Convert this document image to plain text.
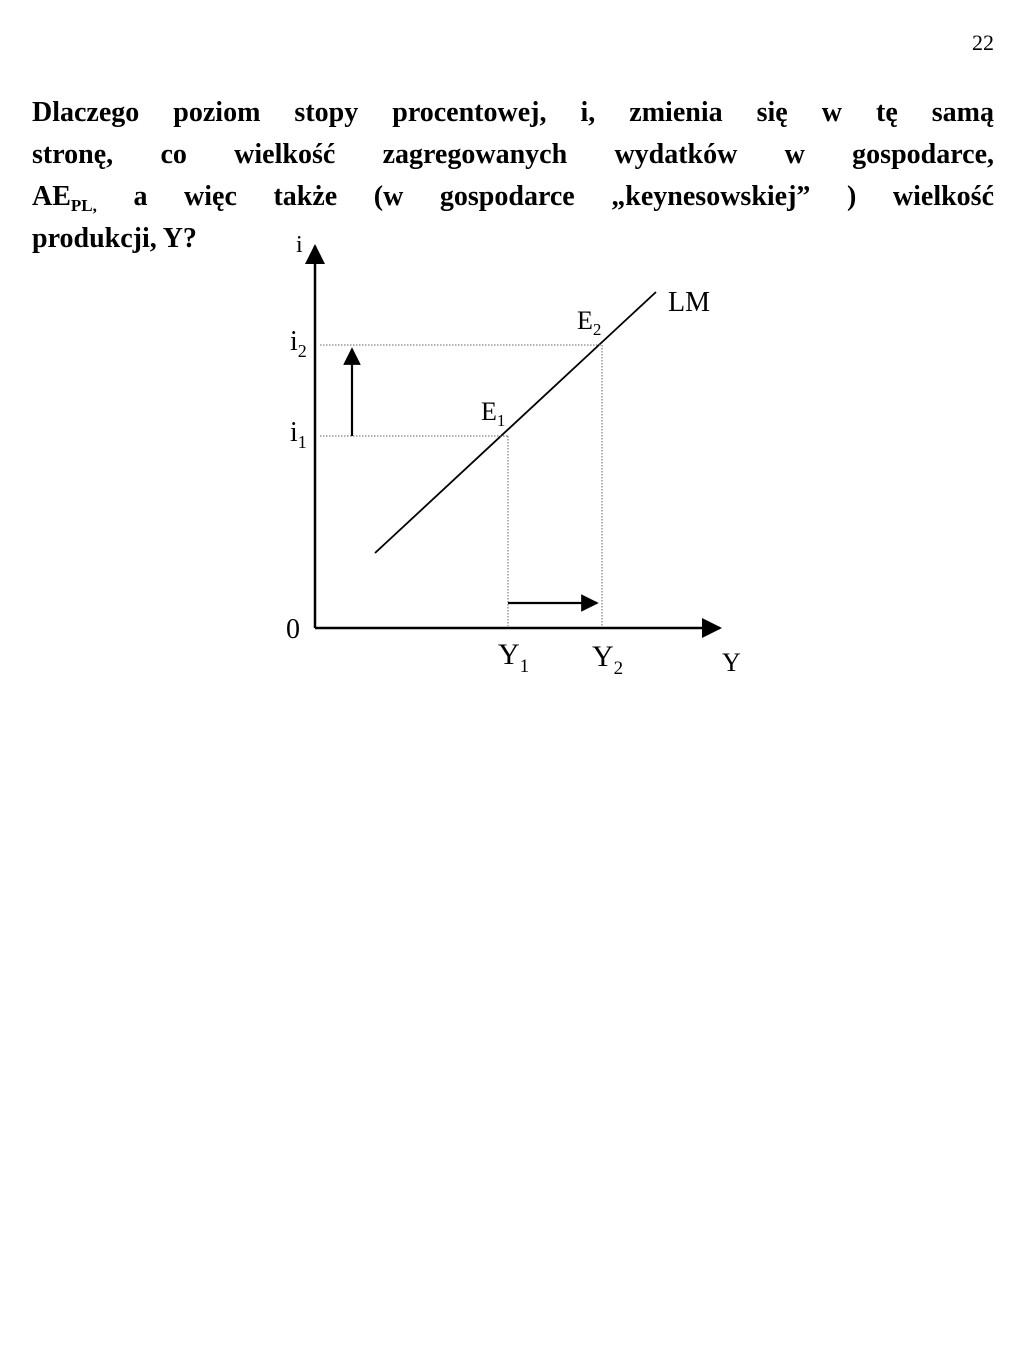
22

Dlaczego poziom stopy procentowej, i, zmienia się w tę samą
stronę, co wielkość zagregowanych wydatków w gospodarce,
$AE_{PL,}$ a więc także (w gospodarce „keynesowskiej” ) wielkość
produkcji, Y?	i
Y
0
LM
$E_2$
$E_1$
$i_2$
$i_1$
$Y_1$ $Y_2$
